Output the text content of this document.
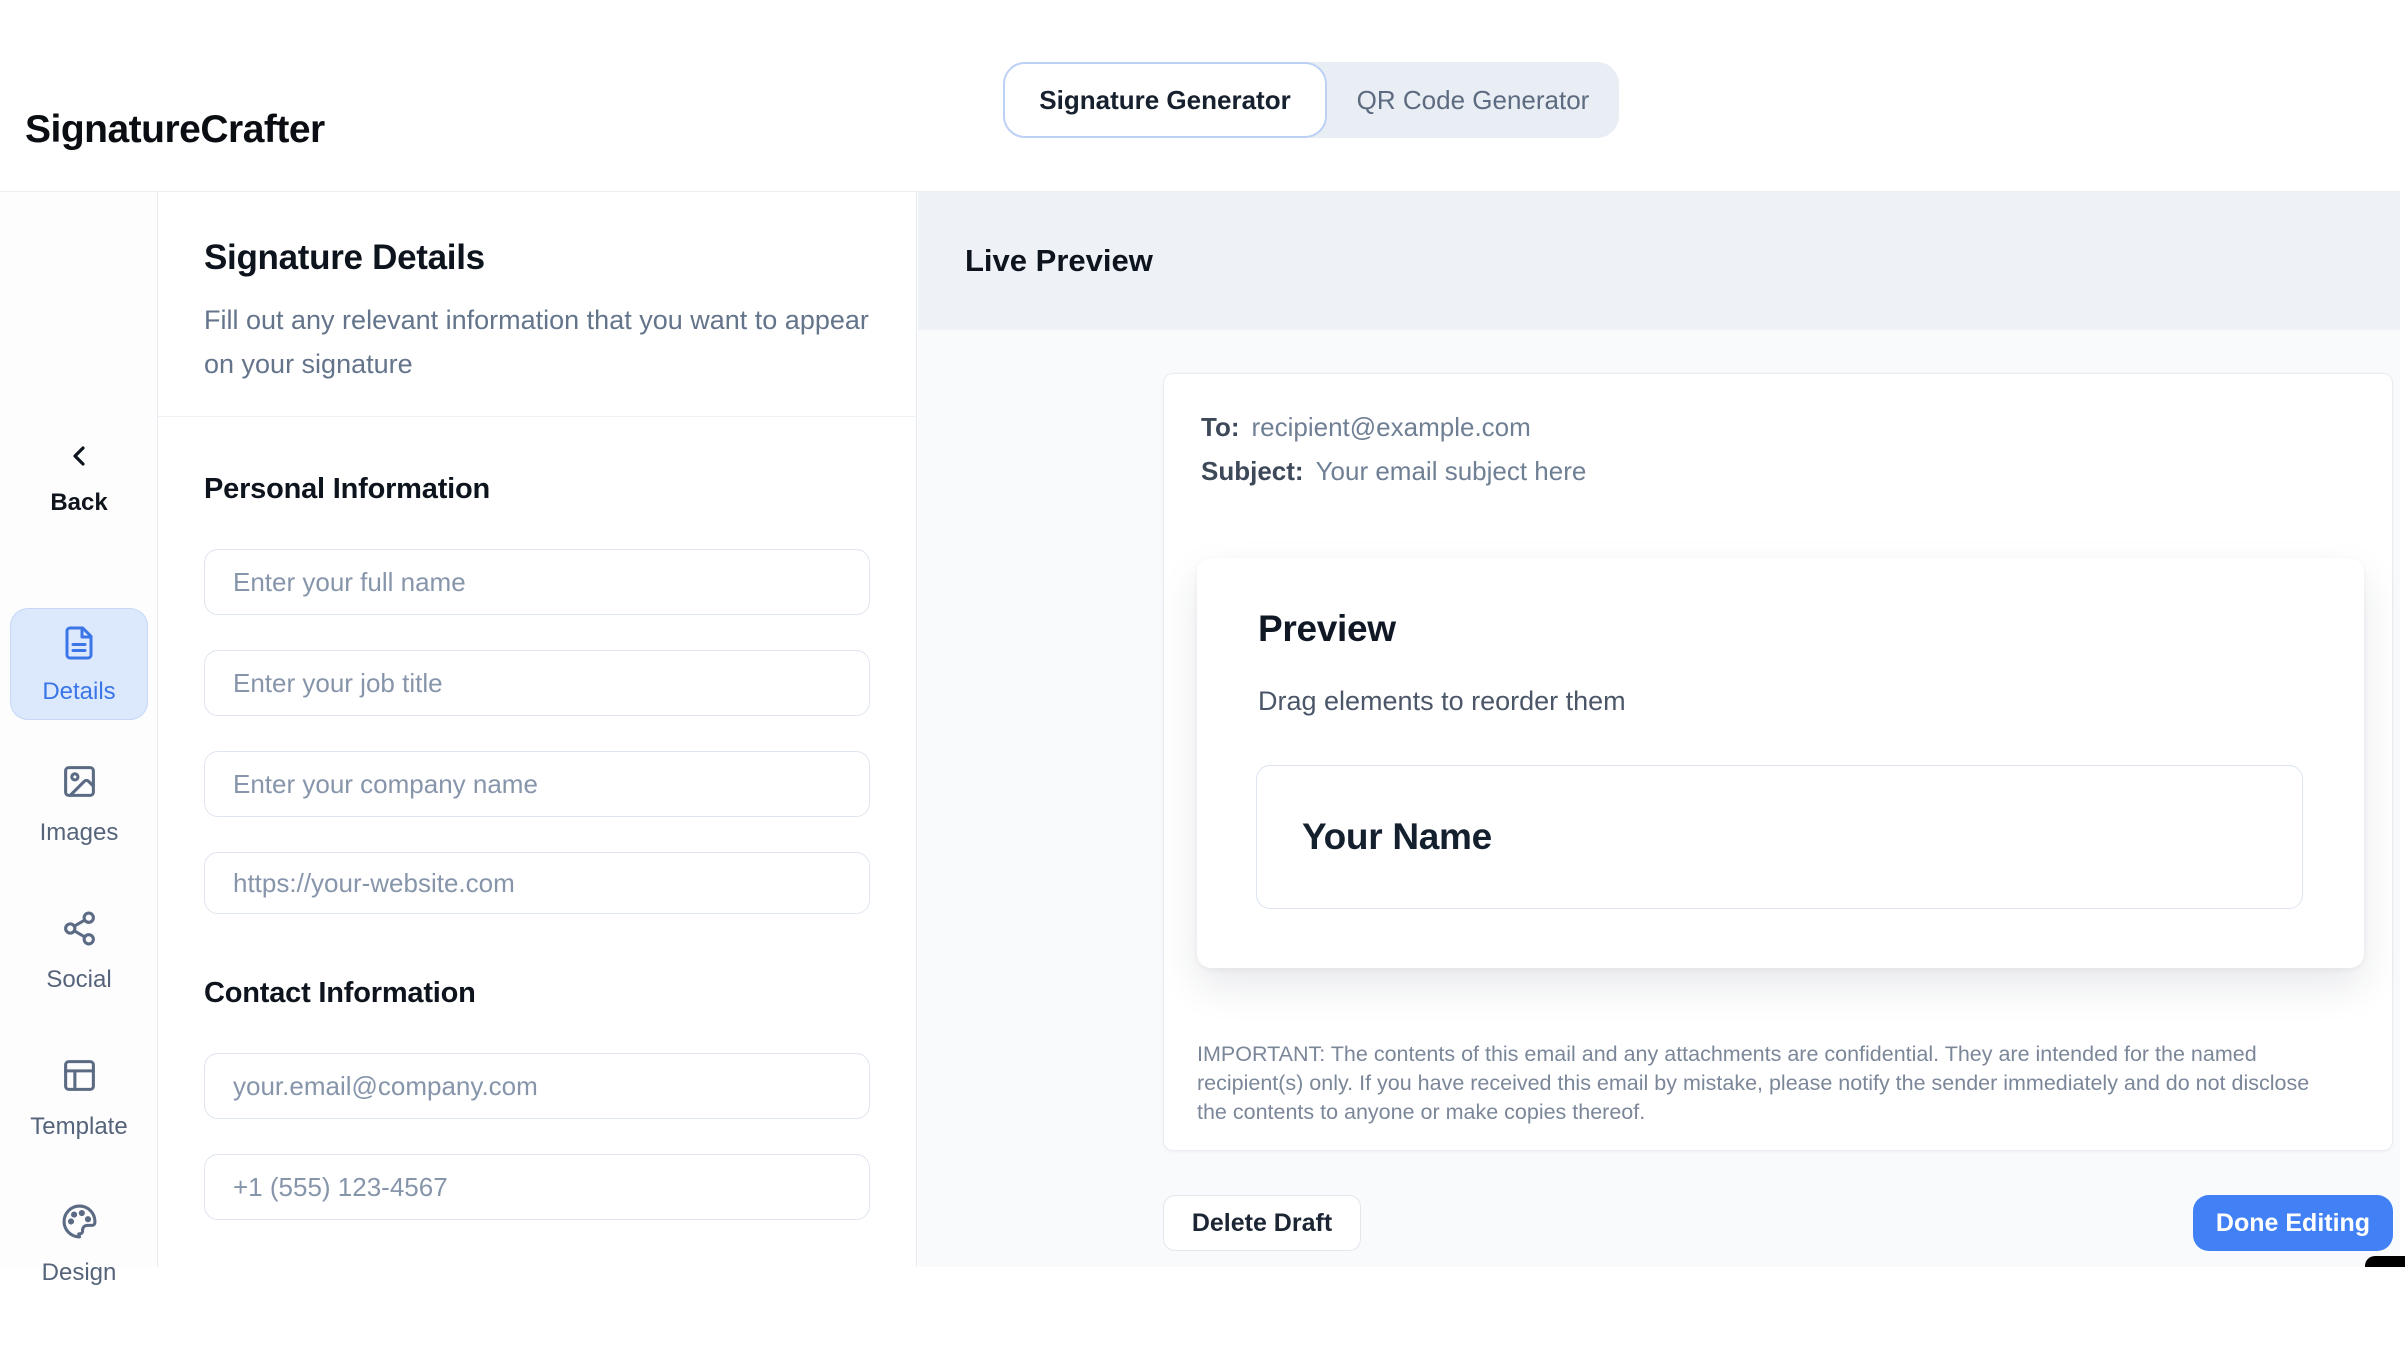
SignatureCrafter
Signature Generator	QR Code Generator
Back
Details
Images
Social
Template
Design
Signature Details
Fill out any relevant information that you want to appear on your signature
Personal Information
Enter your full name
Enter your job title
Enter your company name
https://your-website.com
Contact Information
your.email@company.com
+1 (555) 123-4567
Live Preview
To: recipient@example.com
Subject: Your email subject here
Preview
Drag elements to reorder them
Your Name
IMPORTANT: The contents of this email and any attachments are confidential. They are intended for the named recipient(s) only. If you have received this email by mistake, please notify the sender immediately and do not disclose the contents to anyone or make copies thereof.
Delete Draft	Done Editing
